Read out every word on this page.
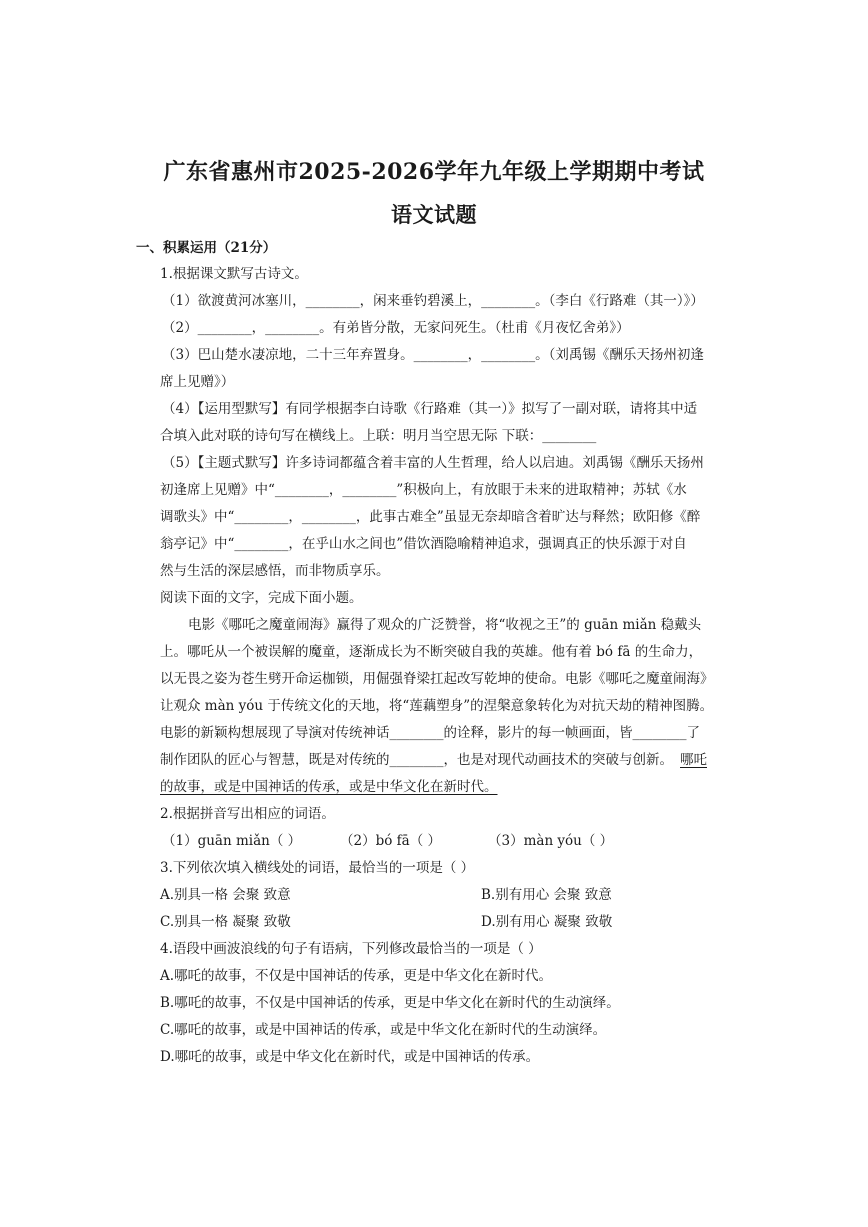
广东省惠州市2025-2026学年九年级上学期期中考试
语文试题
一、积累运用（21分）
1.根据课文默写古诗文。
（1）欲渡黄河冰塞川，________，闲来垂钓碧溪上，________。（李白《行路难（其一）》）
（2）________，________。有弟皆分散，无家问死生。（杜甫《月夜忆舍弟》）
（3）巴山楚水凄凉地，二十三年弃置身。________，________。（刘禹锡《酬乐天扬州初逢
席上见赠》）
（4）【运用型默写】有同学根据李白诗歌《行路难（其一）》拟写了一副对联，请将其中适
合填入此对联的诗句写在横线上。上联：明月当空思无际 下联：________
（5）【主题式默写】许多诗词都蕴含着丰富的人生哲理，给人以启迪。刘禹锡《酬乐天扬州
初逢席上见赠》中“________，________”积极向上，有放眼于未来的进取精神；苏轼《水
调歌头》中“________，________，此事古难全”虽显无奈却暗含着旷达与释然；欧阳修《醉
翁亭记》中“________，在乎山水之间也”借饮酒隐喻精神追求，强调真正的快乐源于对自
然与生活的深层感悟，而非物质享乐。
阅读下面的文字，完成下面小题。
电影《哪吒之魔童闹海》赢得了观众的广泛赞誉，将“收视之王”的 guān miǎn 稳戴头
上。哪吒从一个被误解的魔童，逐渐成长为不断突破自我的英雄。他有着 bó fā 的生命力，
以无畏之姿为苍生劈开命运枷锁，用倔强脊梁扛起改写乾坤的使命。电影《哪吒之魔童闹海》
让观众 màn yóu 于传统文化的天地，将“莲藕塑身”的涅槃意象转化为对抗天劫的精神图腾。
电影的新颖构想展现了导演对传统神话________的诠释，影片的每一帧画面，皆________了
制作团队的匠心与智慧，既是对传统的________，也是对现代动画技术的突破与创新。 哪吒
的故事，或是中国神话的传承，或是中华文化在新时代。
2.根据拼音写出相应的词语。
（1）guān miǎn（ ）	（2）bó fā（ ）	（3）màn yóu（ ）
3.下列依次填入横线处的词语，最恰当的一项是（ ）
A.别具一格 会聚 致意	B.别有用心 会聚 致意
C.别具一格 凝聚 致敬	D.别有用心 凝聚 致敬
4.语段中画波浪线的句子有语病，下列修改最恰当的一项是（ ）
A.哪吒的故事，不仅是中国神话的传承，更是中华文化在新时代。
B.哪吒的故事，不仅是中国神话的传承，更是中华文化在新时代的生动演绎。
C.哪吒的故事，或是中国神话的传承，或是中华文化在新时代的生动演绎。
D.哪吒的故事，或是中华文化在新时代，或是中国神话的传承。
